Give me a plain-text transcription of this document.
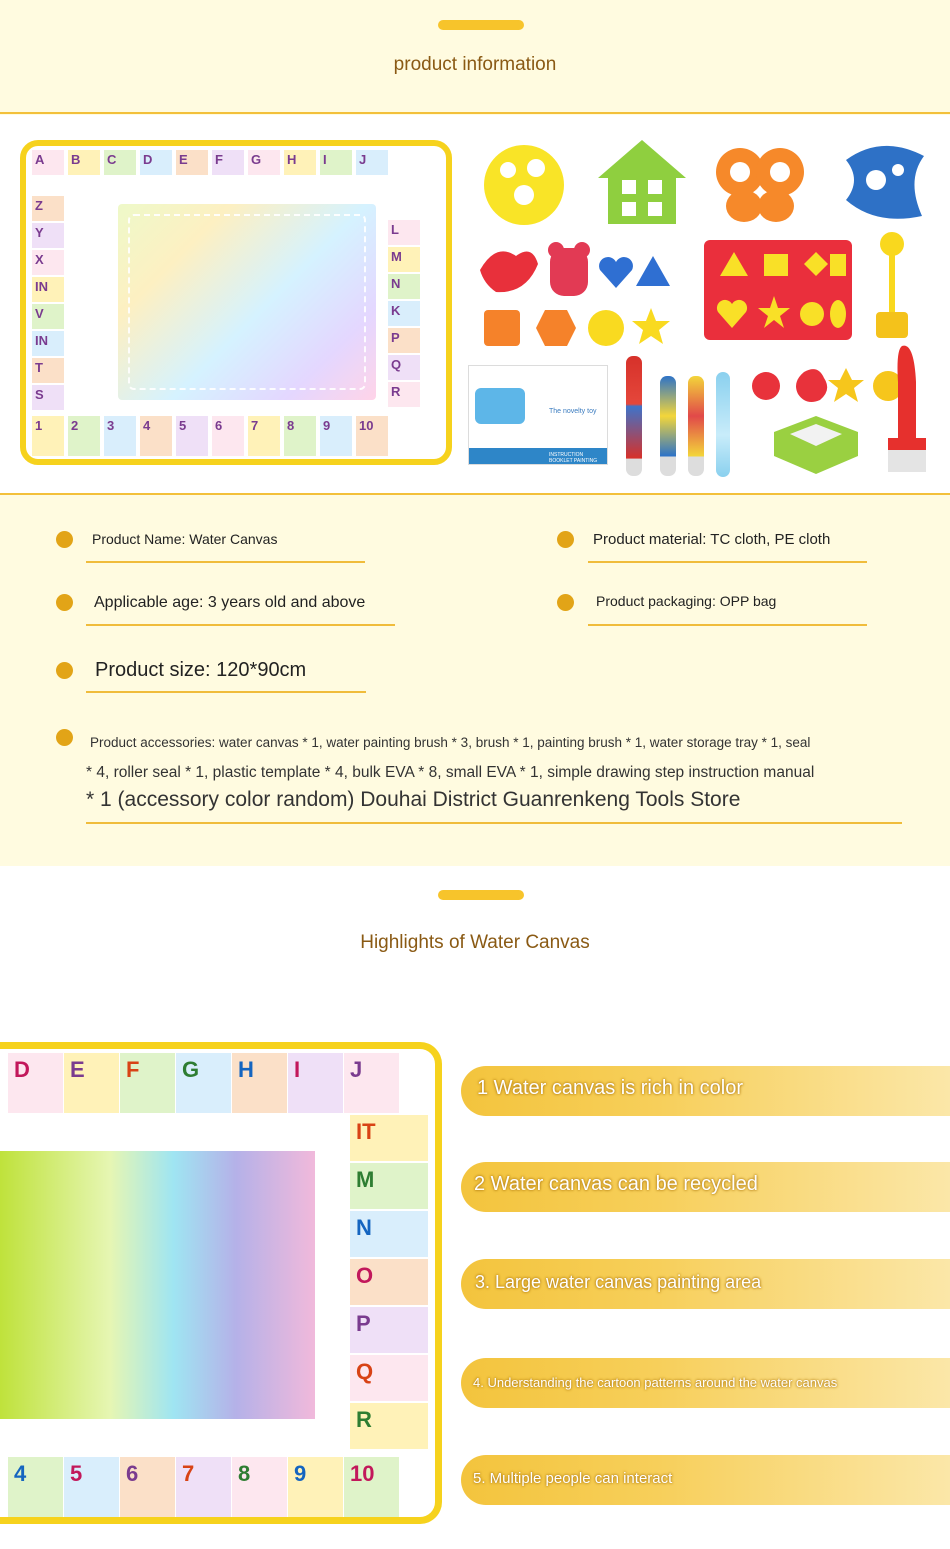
product information
A	B	C	D	E	F	G	H	I	J
Z
Y
X
IN
V
IN
T
S
L
M
N
K
P
Q
R
1	2	3	4	5	6	7	8	9	10
The novelty toy
INSTRUCTION BOOKLET PAINTING
Product Name: Water Canvas	Product material: TC cloth, PE cloth
Applicable age: 3 years old and above	Product packaging: OPP bag
Product size: 120*90cm
Product accessories: water canvas * 1, water painting brush * 3, brush * 1, painting brush * 1, water storage tray * 1, seal
* 4, roller seal * 1, plastic template * 4, bulk EVA * 8, small EVA * 1, simple drawing step instruction manual
* 1 (accessory color random) Douhai District Guanrenkeng Tools Store
Highlights of Water Canvas
D	E	F	G	H	I	J
IT
M
N
O
P
Q
R
4	5	6	7	8	9	10
1 Water canvas is rich in color
2 Water canvas can be recycled
3. Large water canvas painting area
4. Understanding the cartoon patterns around the water canvas
5. Multiple people can interact
